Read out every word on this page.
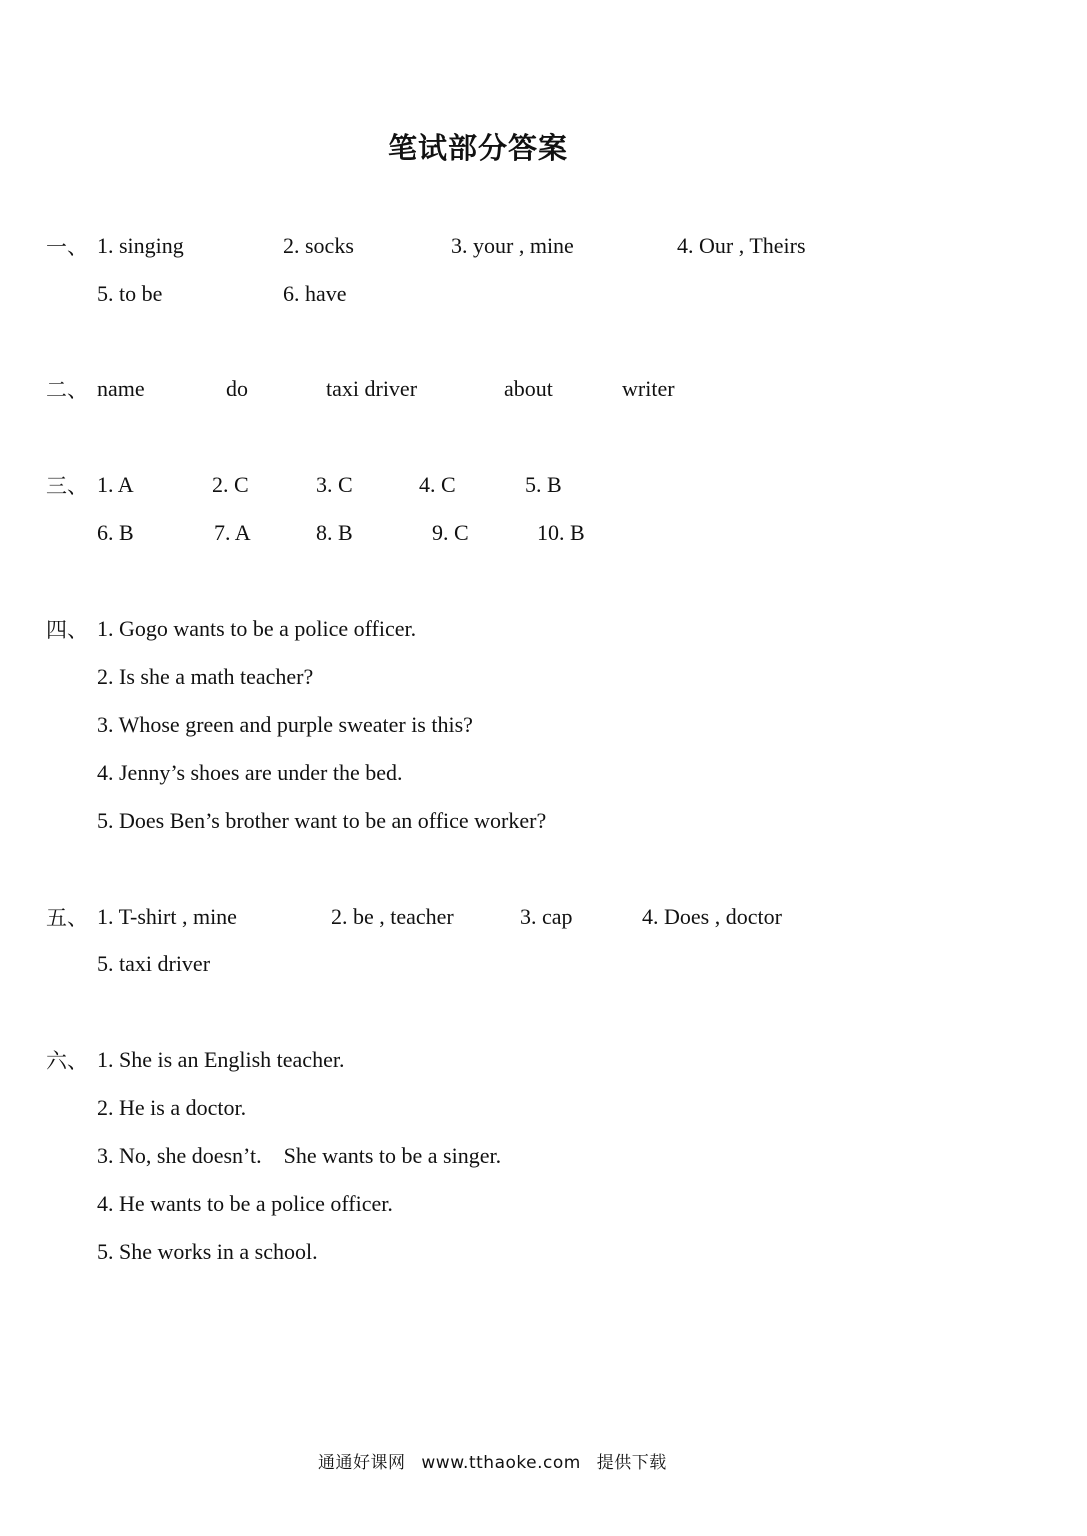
笔试部分答案
一、 1. singing	2. socks	3. your , mine	4. Our , Theirs
5. to be	6. have
二、 name	do	taxi driver	about	writer
三、 1. A	2. C	3. C	4. C	5. B
6. B	7. A	8. B	9. C	10. B
四、 1. Gogo wants to be a police officer.
2. Is she a math teacher?
3. Whose green and purple sweater is this?
4. Jenny’s shoes are under the bed.
5. Does Ben’s brother want to be an office worker?
五、 1. T-shirt , mine	2. be , teacher	3. cap	4. Does , doctor
5. taxi driver
六、 1. She is an English teacher.
2. He is a doctor.
3. No, she doesn’t.    She wants to be a singer.
4. He wants to be a police officer.
5. She works in a school.
通通好课网 www.tthaoke.com 提供下载
